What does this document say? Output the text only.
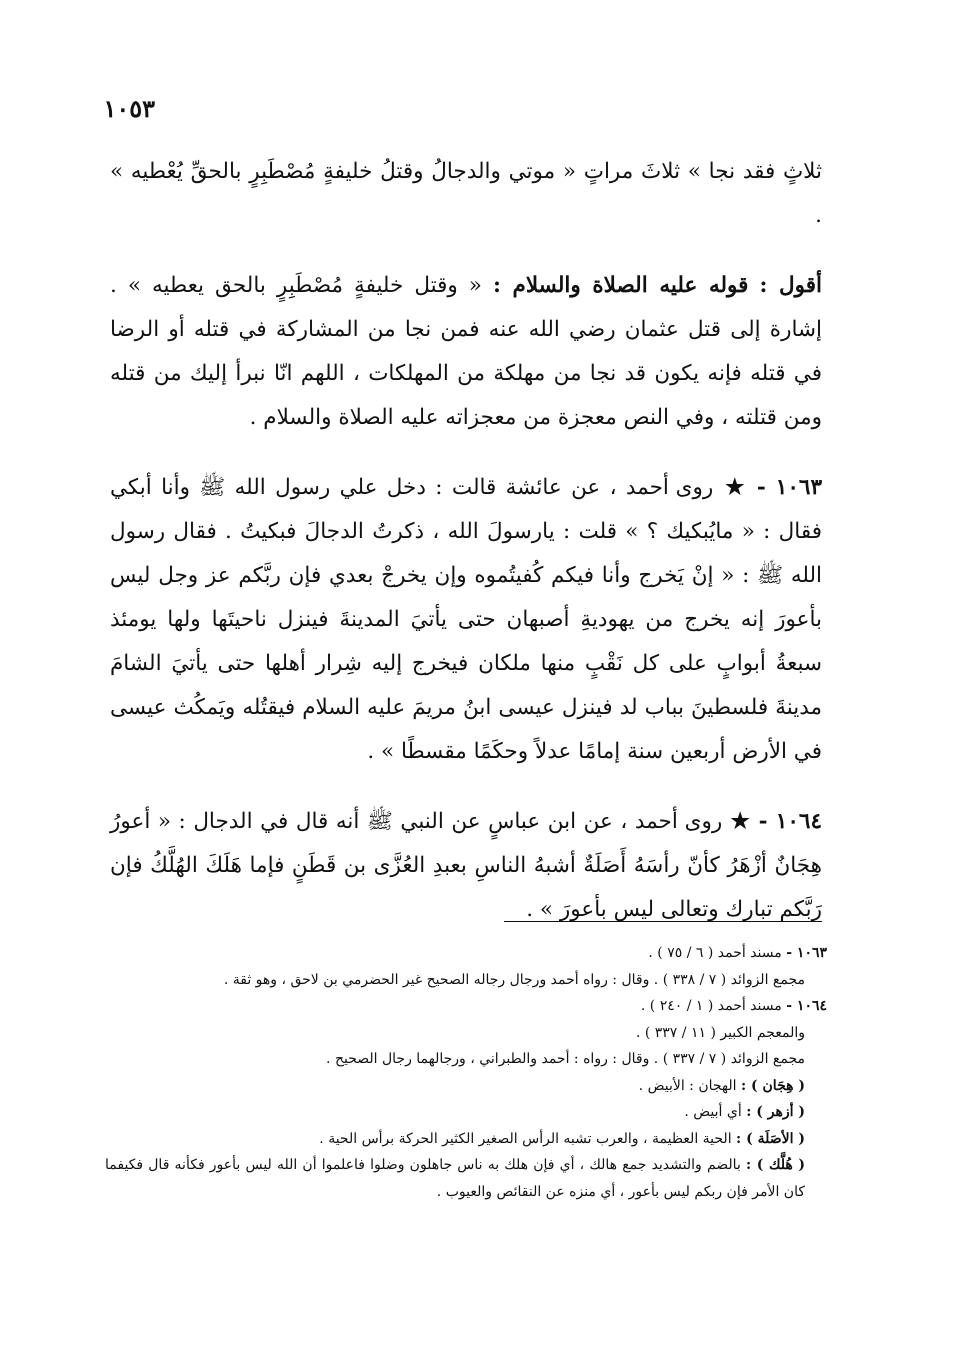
١٠٥٣

ثلاثٍ فقد نجا » ثلاثَ مراتٍ « موتي والدجالُ وقتلُ خليفةٍ مُصْطَبِرٍ بالحقِّ يُعْطيه » .

أقول : قوله عليه الصلاة والسلام : « وقتل خليفةٍ مُصْطَبِرٍ بالحق يعطيه » . إشارة إلى قتل عثمان رضي الله عنه فمن نجا من المشاركة في قتله أو الرضا في قتله فإنه يكون قد نجا من مهلكة من المهلكات ، اللهم انّا نبرأ إليك من قتله ومن قتلته ، وفي النص معجزة من معجزاته عليه الصلاة والسلام .

١٠٦٣ - ★ روى أحمد ، عن عائشة قالت : دخل علي رسول الله ﷺ وأنا أبكي فقال : « مايُبكيك ؟ » قلت : يارسولَ الله ، ذكرتُ الدجالَ فبكيتُ . فقال رسول الله ﷺ : « إنْ يَخرج وأنا فيكم كُفيتُموه وإن يخرجْ بعدي فإن ربَّكم عز وجل ليس بأعورَ إنه يخرج من يهوديةِ أصبهان حتى يأتيَ المدينةَ فينزل ناحيتَها ولها يومئذ سبعةُ أبوابٍ على كل نَقْبٍ منها ملكان فيخرج إليه شِرار أهلها حتى يأتيَ الشامَ مدينةَ فلسطينَ بباب لد فينزل عيسى ابنُ مريمَ عليه السلام فيقتُله ويَمكُث عيسى في الأرض أربعين سنة إمامًا عدلاً وحكَمًا مقسطًا » .

١٠٦٤ - ★ روى أحمد ، عن ابن عباسٍ عن النبي ﷺ أنه قال في الدجال : « أعورُ هِجَانٌ أزْهَرُ كأنّ رأسَهُ أَصَلَةٌ أشبهُ الناسِ بعبدِ العُزَّى بن قَطَنٍ فإما هَلَكَ الهُلَّكُ فإن رَبَّكم تبارك وتعالى ليس بأعورَ » .

١٠٦٣ - مسند أحمد ( ٦ / ٧٥ ) .

مجمع الزوائد ( ٧ / ٣٣٨ ) . وقال : رواه أحمد ورجال رجاله الصحيح غير الحضرمي بن لاحق ، وهو ثقة .

١٠٦٤ - مسند أحمد ( ١ / ٢٤٠ ) .

والمعجم الكبير ( ١١ / ٣٣٧ ) .

مجمع الزوائد ( ٧ / ٣٣٧ ) . وقال : رواه : أحمد والطبراني ، ورجالهما رجال الصحيح .

( هِجَان ) : الهجان : الأبيض .

( أزهر ) : أي أبيض .

( الأصَلَة ) : الحية العظيمة ، والعرب تشبه الرأس الصغير الكثير الحركة برأس الحية .

( هُلَّك ) : بالضم والتشديد جمع هالك ، أي فإن هلك به ناس جاهلون وضلوا فاعلموا أن الله ليس بأعور فكأنه قال فكيفما كان الأمر فإن ربكم ليس بأعور ، أي منزه عن النقائص والعيوب .
